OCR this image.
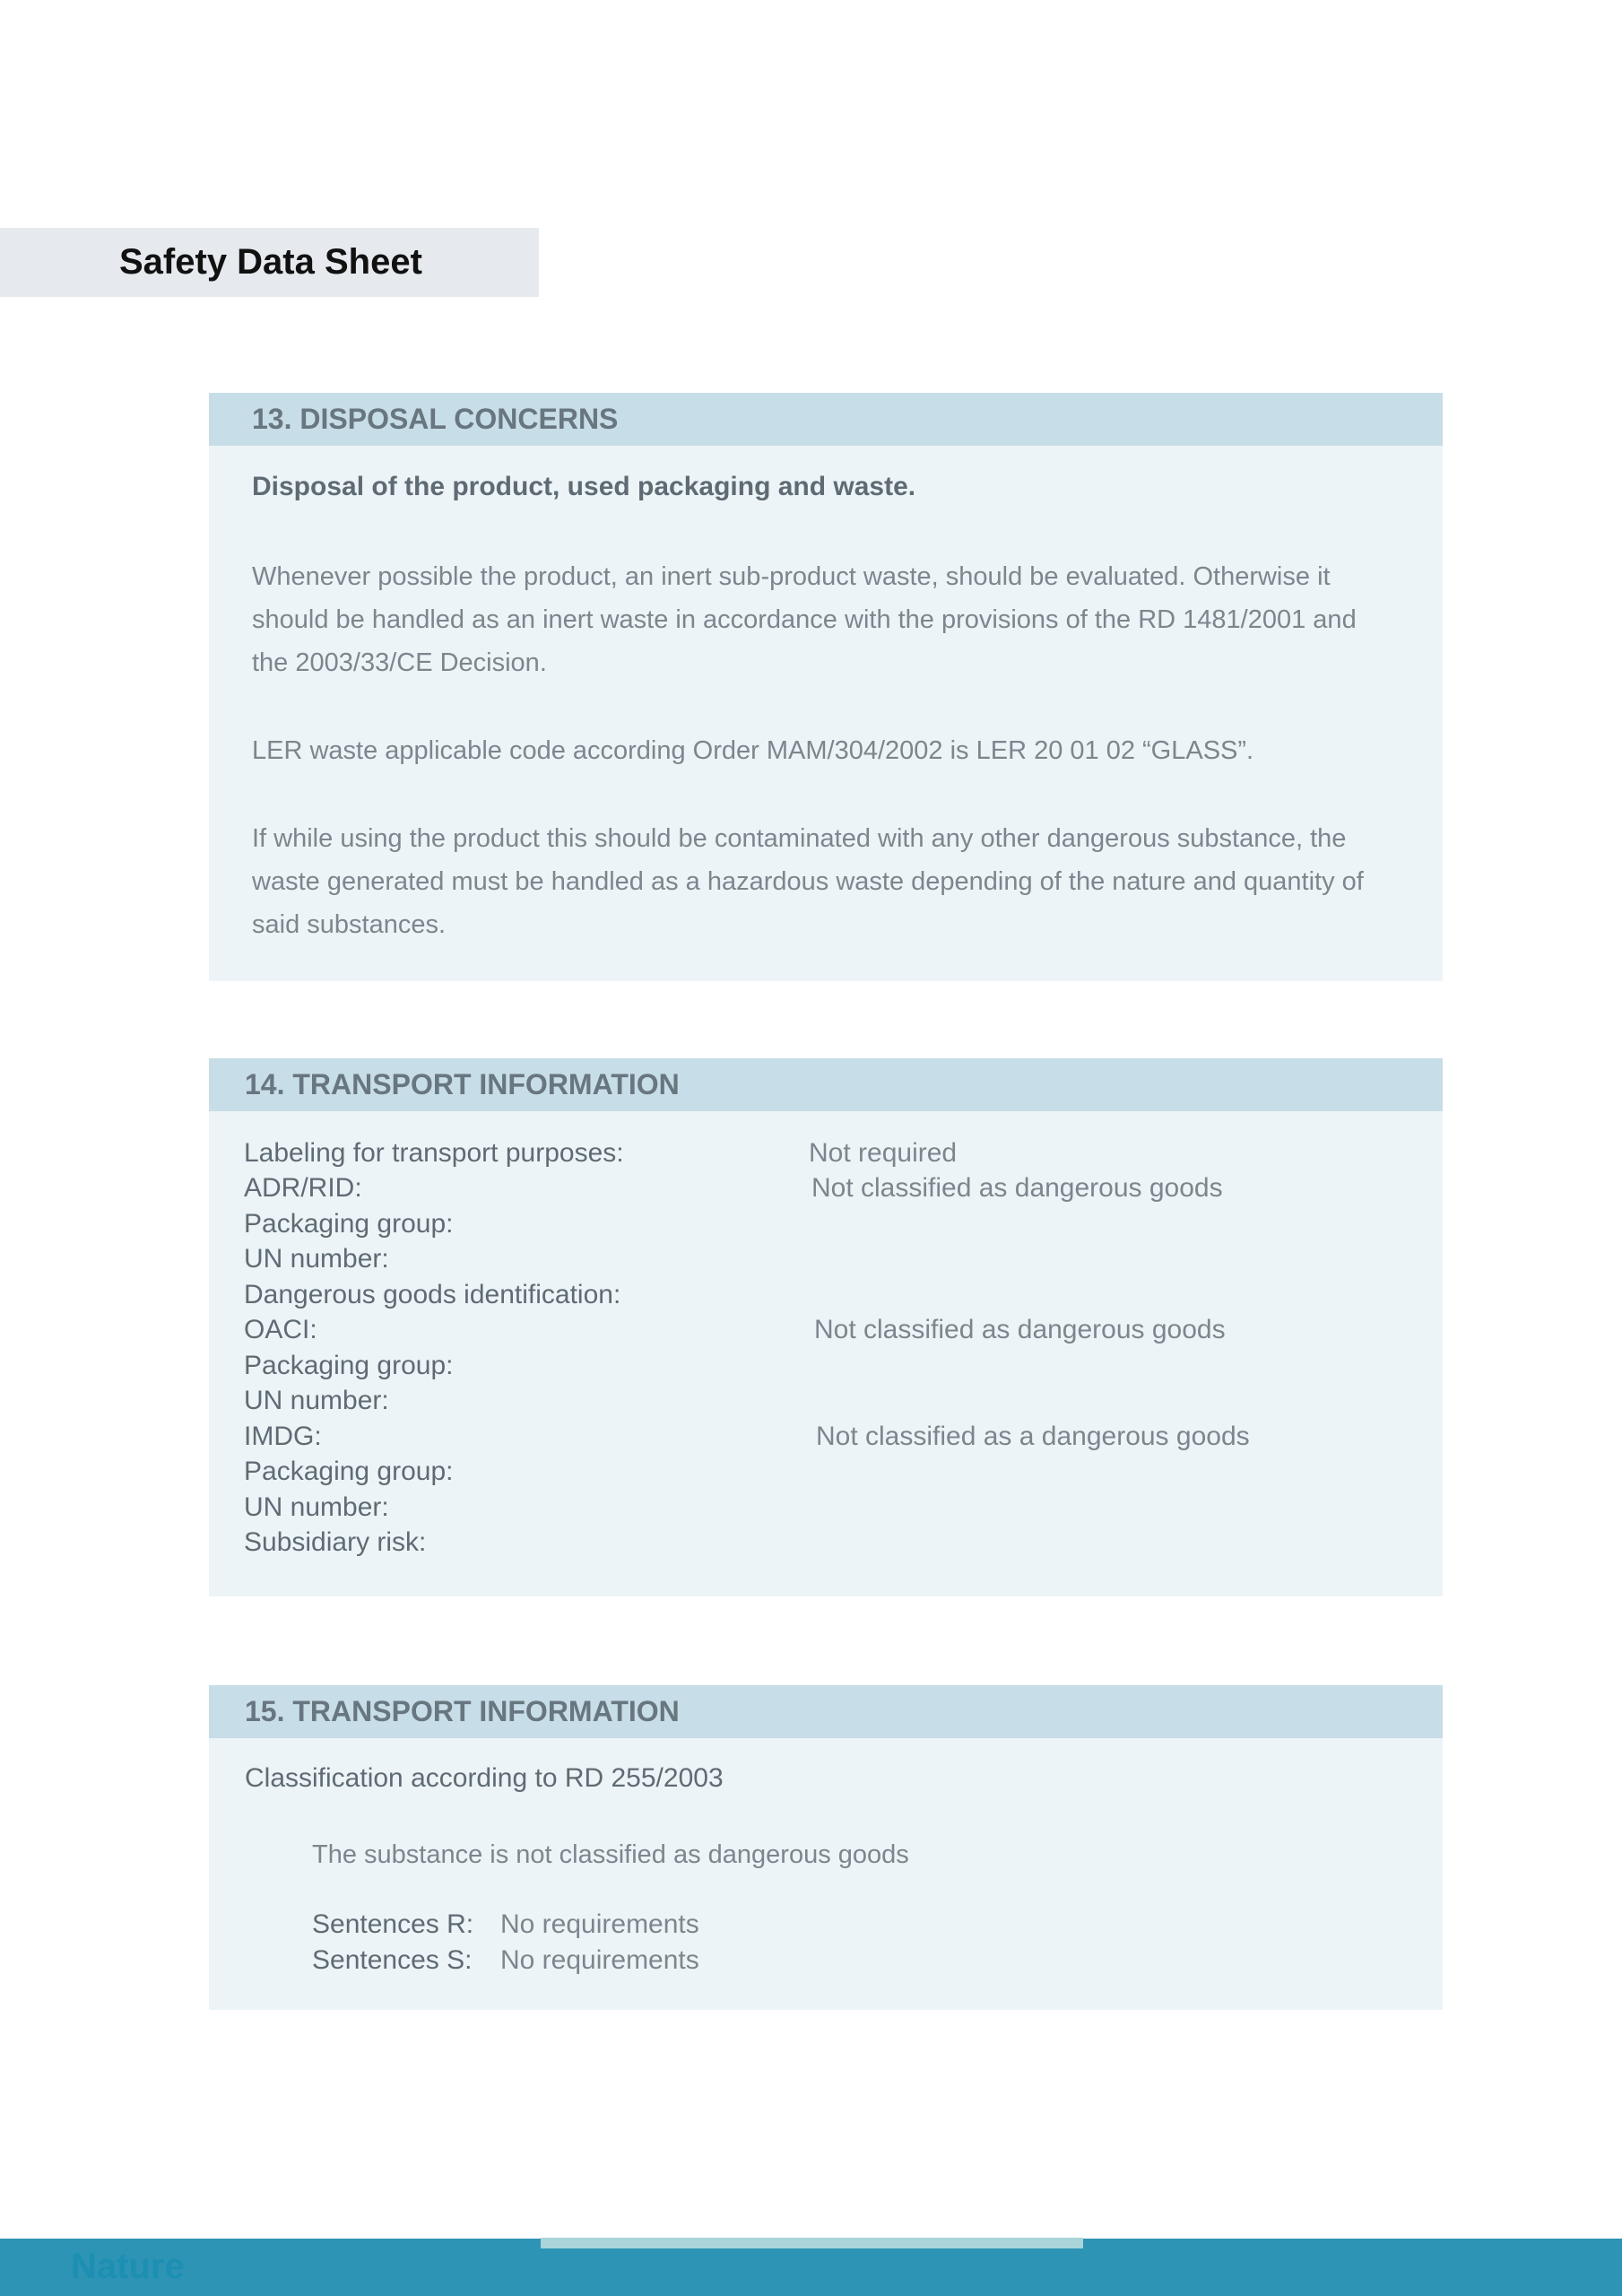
Safety Data Sheet
13. DISPOSAL CONCERNS

Disposal of the product, used packaging and waste.

Whenever possible the product, an inert sub-product waste, should be evaluated. Otherwise it should be handled as an inert waste in accordance with the provisions of the RD 1481/2001 and the 2003/33/CE Decision.

LER waste applicable code according Order MAM/304/2002 is LER 20 01 02 “GLASS”.

If while using the product this should be contaminated with any other dangerous substance, the waste generated must be handled as a hazardous waste depending of the nature and quantity of said substances.

14. TRANSPORT INFORMATION
Labeling for transport purposes:	Not required
ADR/RID:	Not classified as dangerous goods
Packaging group:
UN number:
Dangerous goods identification:
OACI:	Not classified as dangerous goods
Packaging group:
UN number:
IMDG:	Not classified as a dangerous goods
Packaging group:
UN number:
Subsidiary risk:
15. TRANSPORT INFORMATION

Classification according to RD 255/2003

The substance is not classified as dangerous goods

Sentences R: No requirements
Sentences S: No requirements
Nature
